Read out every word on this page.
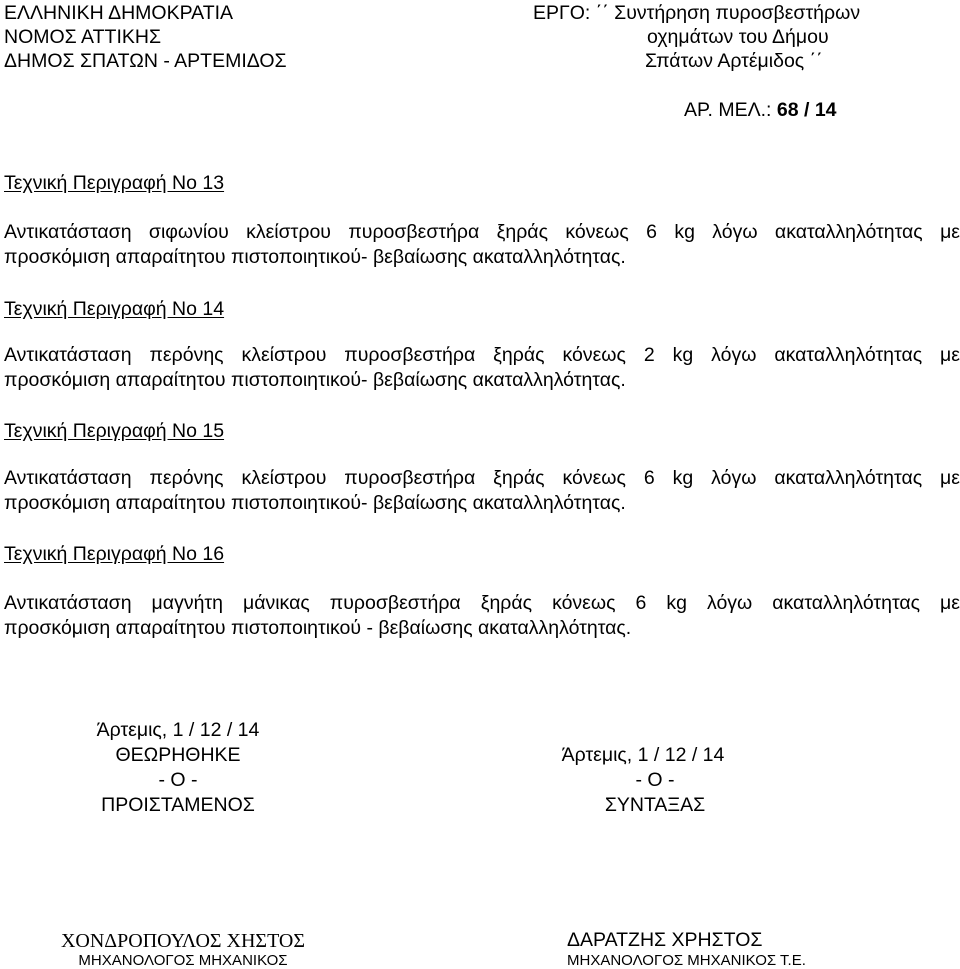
ΕΛΛΗΝΙΚΗ ΔΗΜΟΚΡΑΤΙΑ
ΝΟΜΟΣ ΑΤΤΙΚΗΣ
ΔΗΜΟΣ ΣΠΑΤΩΝ - ΑΡΤΕΜΙΔΟΣ
ΕΡΓΟ: ΄΄ Συντήρηση πυροσβεστήρων
οχημάτων του Δήμου
Σπάτων Αρτέμιδος ΄΄
ΑΡ. ΜΕΛ.: 68 / 14
Τεχνική Περιγραφή Νο 13
Αντικατάσταση σιφωνίου κλείστρου πυροσβεστήρα ξηράς κόνεως 6 kg λόγω ακαταλληλότητας με
προσκόμιση απαραίτητου πιστοποιητικού- βεβαίωσης ακαταλληλότητας.
Τεχνική Περιγραφή Νο 14
Αντικατάσταση περόνης κλείστρου πυροσβεστήρα ξηράς κόνεως 2 kg λόγω ακαταλληλότητας με
προσκόμιση απαραίτητου πιστοποιητικού- βεβαίωσης ακαταλληλότητας.
Τεχνική Περιγραφή Νο 15
Αντικατάσταση περόνης κλείστρου πυροσβεστήρα ξηράς κόνεως 6 kg λόγω ακαταλληλότητας με
προσκόμιση απαραίτητου πιστοποιητικού- βεβαίωσης ακαταλληλότητας.
Τεχνική Περιγραφή Νο 16
Αντικατάσταση μαγνήτη μάνικας πυροσβεστήρα ξηράς κόνεως 6 kg λόγω ακαταλληλότητας με
προσκόμιση απαραίτητου πιστοποιητικού - βεβαίωσης ακαταλληλότητας.
Άρτεμις, 1 / 12 / 14
ΘΕΩΡΗΘΗΚΕ
- Ο -
ΠΡΟΙΣΤΑΜΕΝΟΣ
ΧΟΝΔΡΟΠΟΥΛΟΣ ΧΗΣΤΟΣ
ΜΗΧΑΝΟΛΟΓΟΣ ΜΗΧΑΝΙΚΟΣ
Άρτεμις, 1 / 12 / 14
- Ο -
ΣΥΝΤΑΞΑΣ
ΔΑΡΑΤΖΗΣ ΧΡΗΣΤΟΣ
ΜΗΧΑΝΟΛΟΓΟΣ ΜΗΧΑΝΙΚΟΣ Τ.Ε.
